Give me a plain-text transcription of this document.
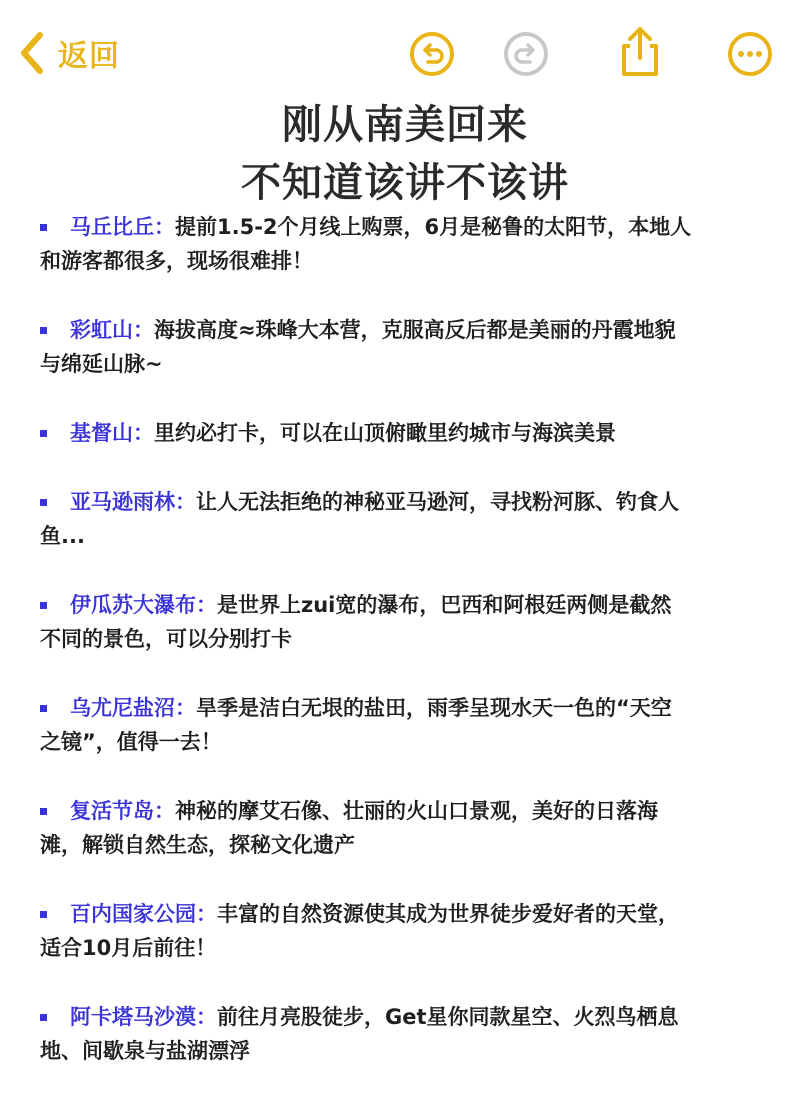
返回
刚从南美回来
不知道该讲不该讲
马丘比丘：提前1.5-2个月线上购票，6月是秘鲁的太阳节，本地人
和游客都很多，现场很难排！
彩虹山：海拔高度≈珠峰大本营，克服高反后都是美丽的丹霞地貌
与绵延山脉~
基督山：里约必打卡，可以在山顶俯瞰里约城市与海滨美景
亚马逊雨林：让人无法拒绝的神秘亚马逊河，寻找粉河豚、钓食人
鱼...
伊瓜苏大瀑布：是世界上zui宽的瀑布，巴西和阿根廷两侧是截然
不同的景色，可以分别打卡
乌尤尼盐沼：旱季是洁白无垠的盐田，雨季呈现水天一色的“天空
之镜”，值得一去！
复活节岛：神秘的摩艾石像、壮丽的火山口景观，美好的日落海
滩，解锁自然生态，探秘文化遗产
百内国家公园：丰富的自然资源使其成为世界徒步爱好者的天堂，
适合10月后前往！
阿卡塔马沙漠：前往月亮股徒步，Get星你同款星空、火烈鸟栖息
地、间歇泉与盐湖漂浮
